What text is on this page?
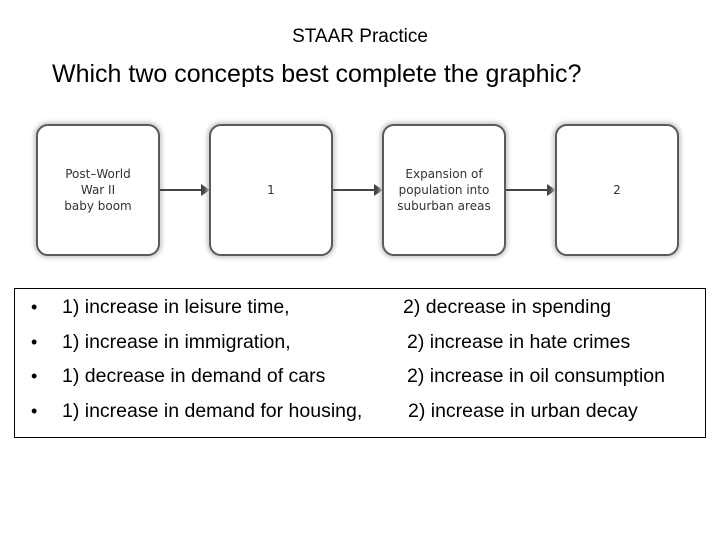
STAAR Practice
Which two concepts best complete the graphic?
Post–World
War II
baby boom
1
Expansion of
population into
suburban areas
2
• 1) increase in leisure time,	2) decrease in spending
• 1) increase in immigration,	2) increase in hate crimes
• 1) decrease in demand of cars	2) increase in oil consumption
• 1) increase in demand for housing, 2) increase in urban decay
